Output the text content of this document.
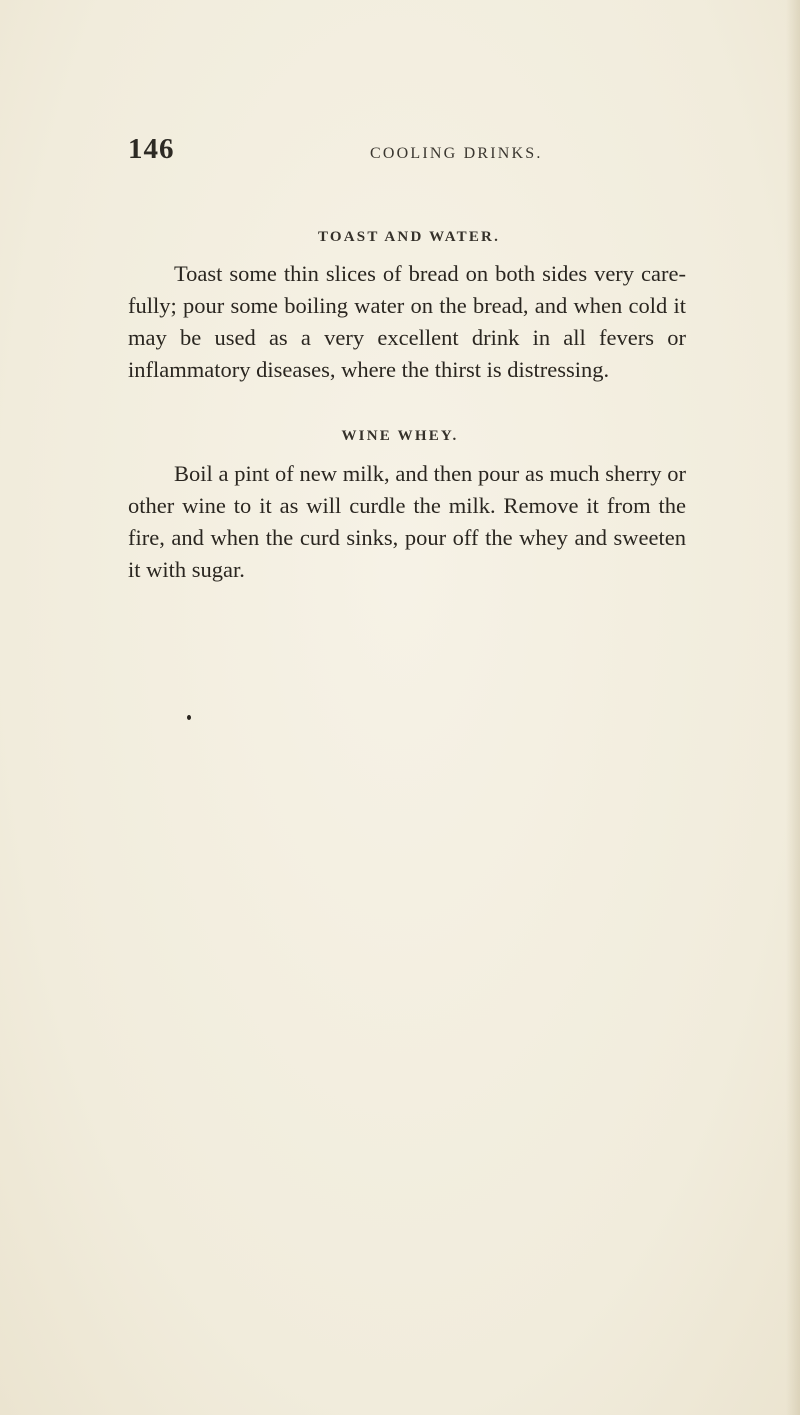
146	COOLING DRINKS.
TOAST AND WATER.

Toast some thin slices of bread on both sides very care-fully; pour some boiling water on the bread, and when cold it may be used as a very excellent drink in all fevers or inflammatory diseases, where the thirst is distressing.

WINE WHEY.

Boil a pint of new milk, and then pour as much sherry or other wine to it as will curdle the milk. Remove it from the fire, and when the curd sinks, pour off the whey and sweeten it with sugar.
